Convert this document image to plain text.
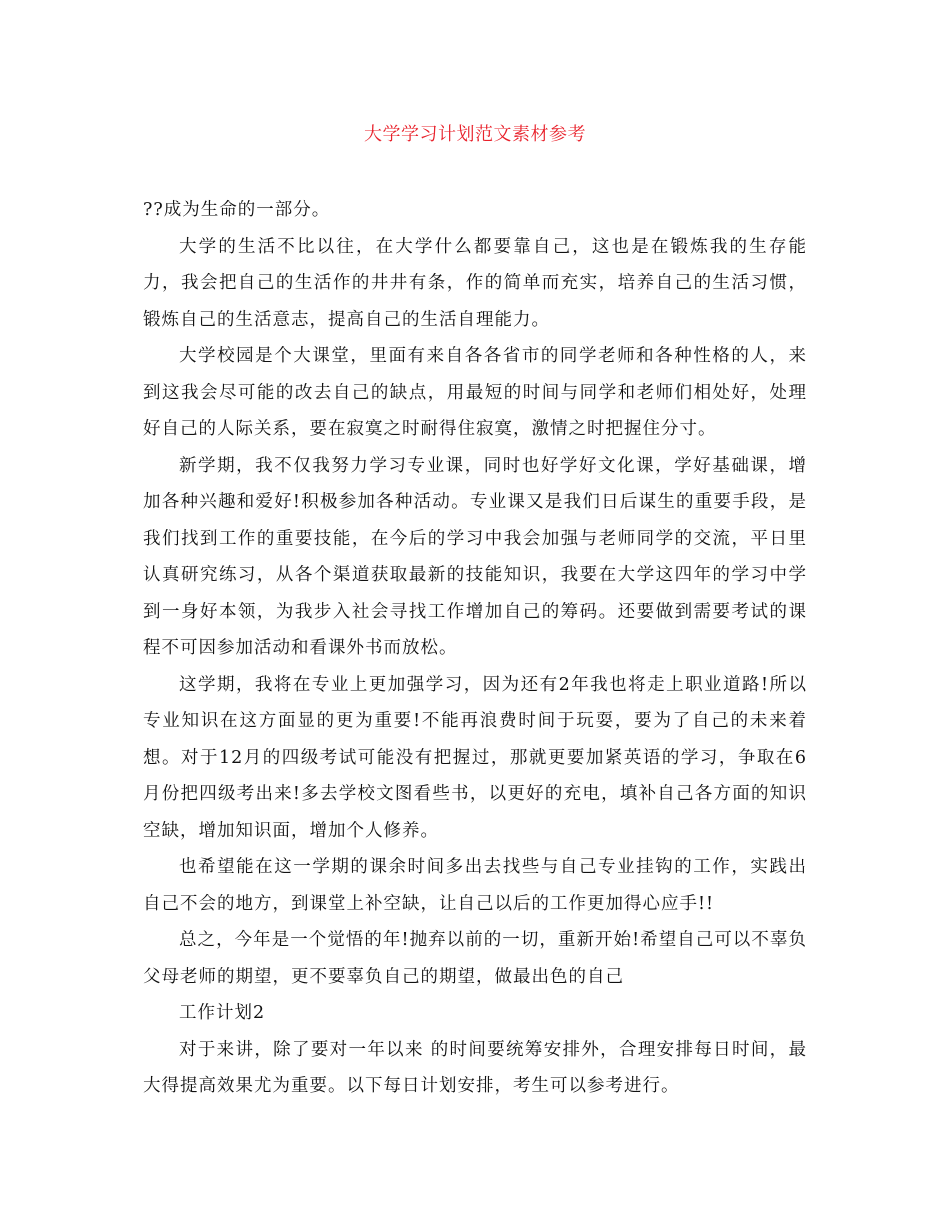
大学学习计划范文素材参考

??成为生命的一部分。

大学的生活不比以往，在大学什么都要靠自己，这也是在锻炼我的生存能力，我会把自己的生活作的井井有条，作的简单而充实，培养自己的生活习惯，锻炼自己的生活意志，提高自己的生活自理能力。

大学校园是个大课堂，里面有来自各各省市的同学老师和各种性格的人，来到这我会尽可能的改去自己的缺点，用最短的时间与同学和老师们相处好，处理好自己的人际关系，要在寂寞之时耐得住寂寞，激情之时把握住分寸。

新学期，我不仅我努力学习专业课，同时也好学好文化课，学好基础课，增加各种兴趣和爱好!积极参加各种活动。专业课又是我们日后谋生的重要手段，是我们找到工作的重要技能，在今后的学习中我会加强与老师同学的交流，平日里认真研究练习，从各个渠道获取最新的技能知识，我要在大学这四年的学习中学到一身好本领，为我步入社会寻找工作增加自己的筹码。还要做到需要考试的课程不可因参加活动和看课外书而放松。

这学期，我将在专业上更加强学习，因为还有2年我也将走上职业道路!所以专业知识在这方面显的更为重要!不能再浪费时间于玩耍，要为了自己的未来着想。对于12月的四级考试可能没有把握过，那就更要加紧英语的学习，争取在6月份把四级考出来!多去学校文图看些书，以更好的充电，填补自己各方面的知识空缺，增加知识面，增加个人修养。

也希望能在这一学期的课余时间多出去找些与自己专业挂钩的工作，实践出自己不会的地方，到课堂上补空缺，让自己以后的工作更加得心应手!!

总之，今年是一个觉悟的年!抛弃以前的一切，重新开始!希望自己可以不辜负父母老师的期望，更不要辜负自己的期望，做最出色的自己

工作计划2

对于来讲，除了要对一年以来 的时间要统筹安排外，合理安排每日时间，最大得提高效果尤为重要。以下每日计划安排，考生可以参考进行。
